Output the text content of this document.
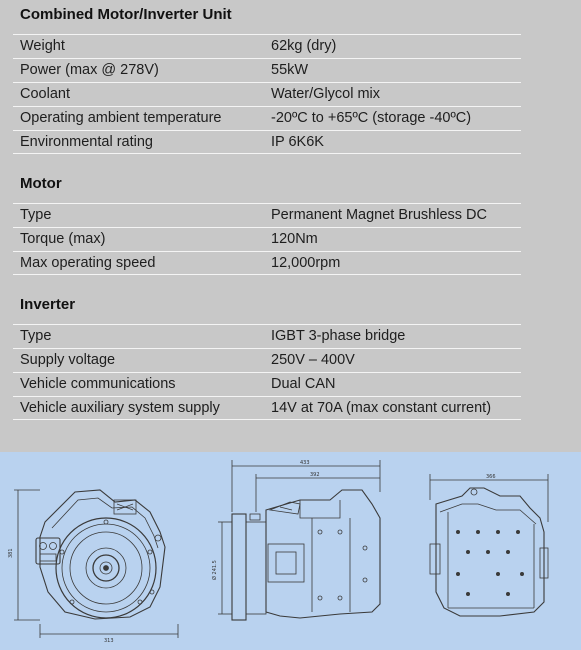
Combined Motor/Inverter Unit
Weight	62kg (dry)
Power (max @ 278V)	55kW
Coolant	Water/Glycol mix
Operating ambient temperature	-20ºC to +65ºC (storage -40ºC)
Environmental rating	IP 6K6K
Motor
Type	Permanent Magnet Brushless DC
Torque (max)	120Nm
Max operating speed	12,000rpm
Inverter
Type	IGBT 3-phase bridge
Supply voltage	250V – 400V
Vehicle communications	Dual CAN
Vehicle auxiliary system supply	14V at 70A (max constant current)
381
313
433
392
Ø 241.5
366
